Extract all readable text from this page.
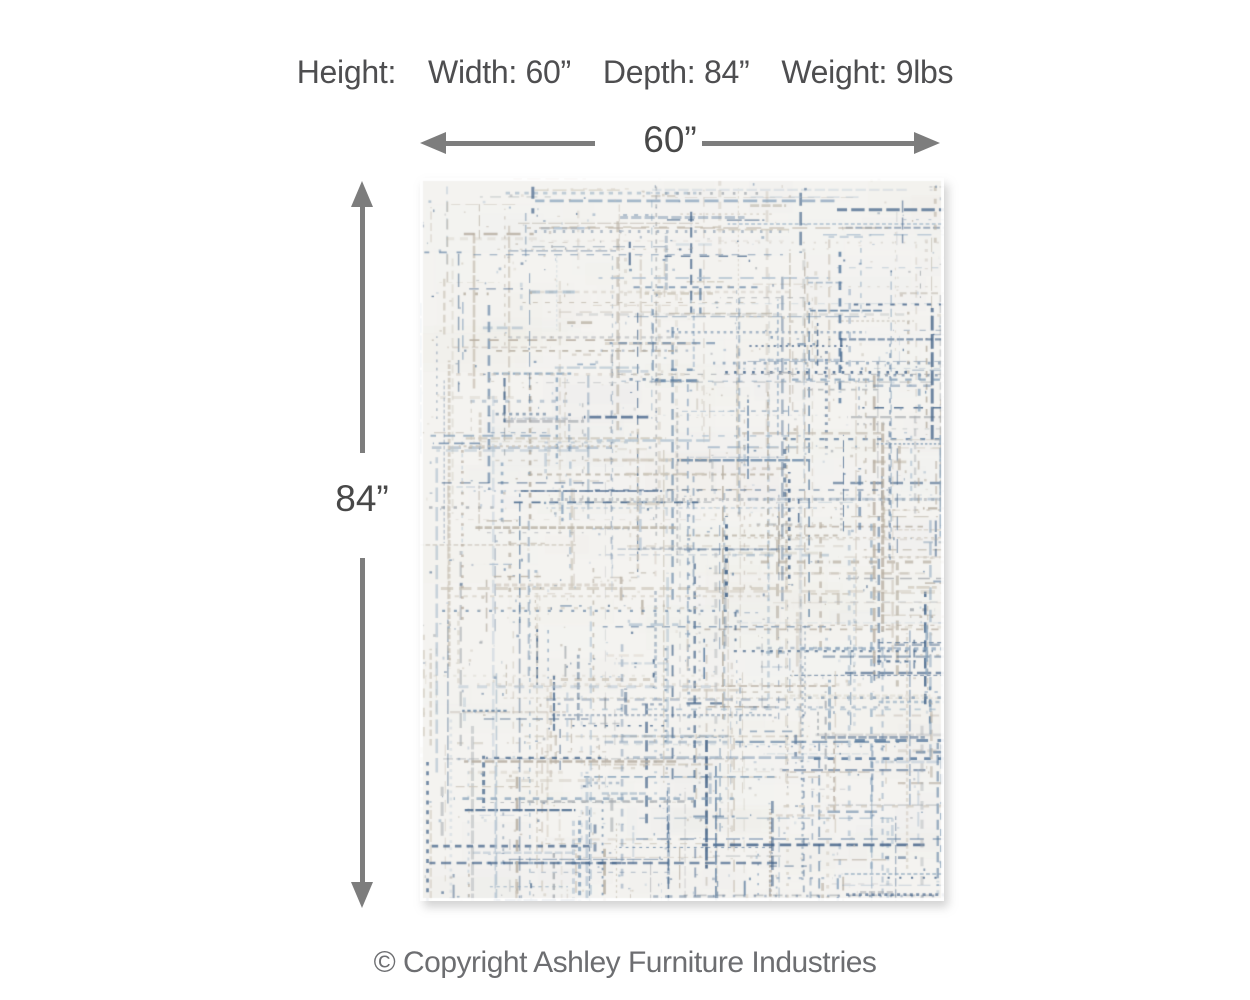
Height: Width: 60” Depth: 84” Weight: 9lbs
60”
84”
© Copyright Ashley Furniture Industries
